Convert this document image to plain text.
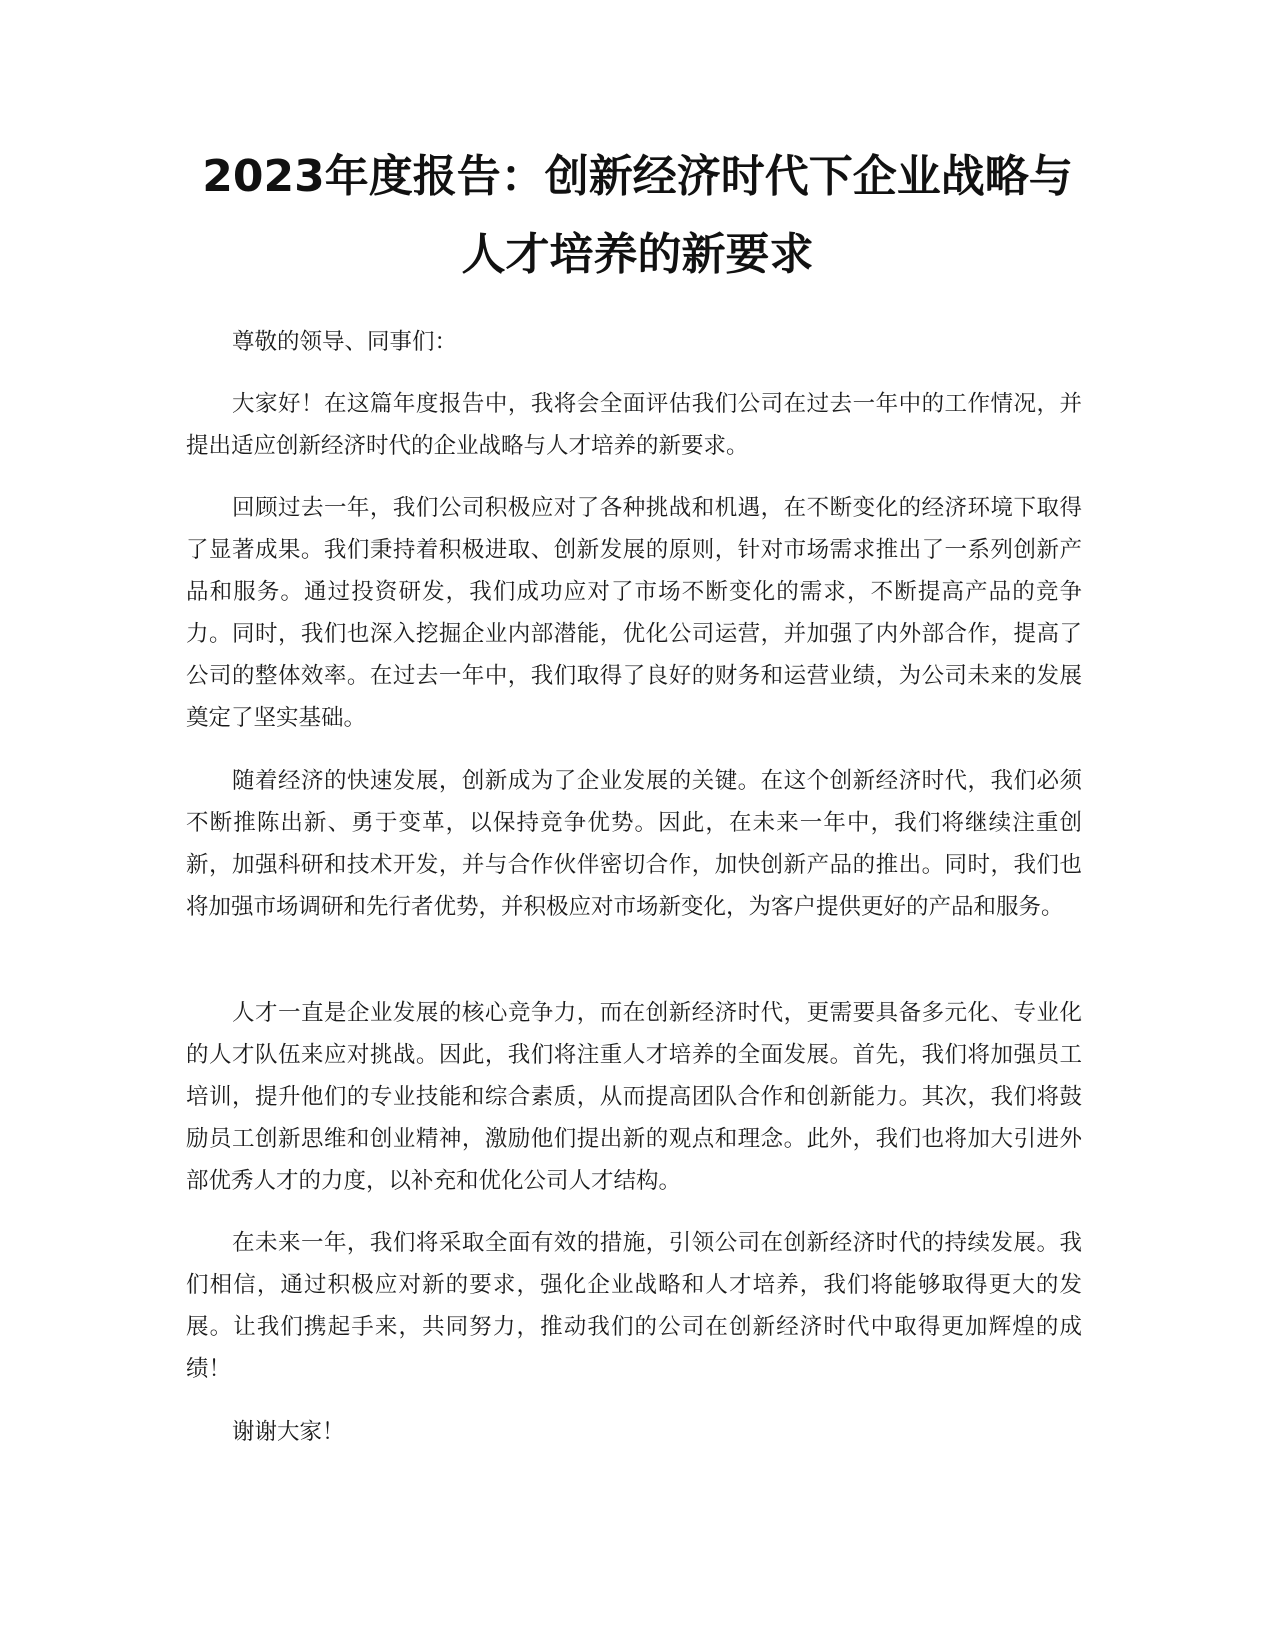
2023年度报告：创新经济时代下企业战略与
人才培养的新要求

尊敬的领导、同事们：

大家好！在这篇年度报告中，我将会全面评估我们公司在过去一年中的工作情况，并提出适应创新经济时代的企业战略与人才培养的新要求。

回顾过去一年，我们公司积极应对了各种挑战和机遇，在不断变化的经济环境下取得了显著成果。我们秉持着积极进取、创新发展的原则，针对市场需求推出了一系列创新产品和服务。通过投资研发，我们成功应对了市场不断变化的需求，不断提高产品的竞争力。同时，我们也深入挖掘企业内部潜能，优化公司运营，并加强了内外部合作，提高了公司的整体效率。在过去一年中，我们取得了良好的财务和运营业绩，为公司未来的发展奠定了坚实基础。

随着经济的快速发展，创新成为了企业发展的关键。在这个创新经济时代，我们必须不断推陈出新、勇于变革，以保持竞争优势。因此，在未来一年中，我们将继续注重创新，加强科研和技术开发，并与合作伙伴密切合作，加快创新产品的推出。同时，我们也将加强市场调研和先行者优势，并积极应对市场新变化，为客户提供更好的产品和服务。

人才一直是企业发展的核心竞争力，而在创新经济时代，更需要具备多元化、专业化的人才队伍来应对挑战。因此，我们将注重人才培养的全面发展。首先，我们将加强员工培训，提升他们的专业技能和综合素质，从而提高团队合作和创新能力。其次，我们将鼓励员工创新思维和创业精神，激励他们提出新的观点和理念。此外，我们也将加大引进外部优秀人才的力度，以补充和优化公司人才结构。

在未来一年，我们将采取全面有效的措施，引领公司在创新经济时代的持续发展。我们相信，通过积极应对新的要求，强化企业战略和人才培养，我们将能够取得更大的发展。让我们携起手来，共同努力，推动我们的公司在创新经济时代中取得更加辉煌的成绩！

谢谢大家！
